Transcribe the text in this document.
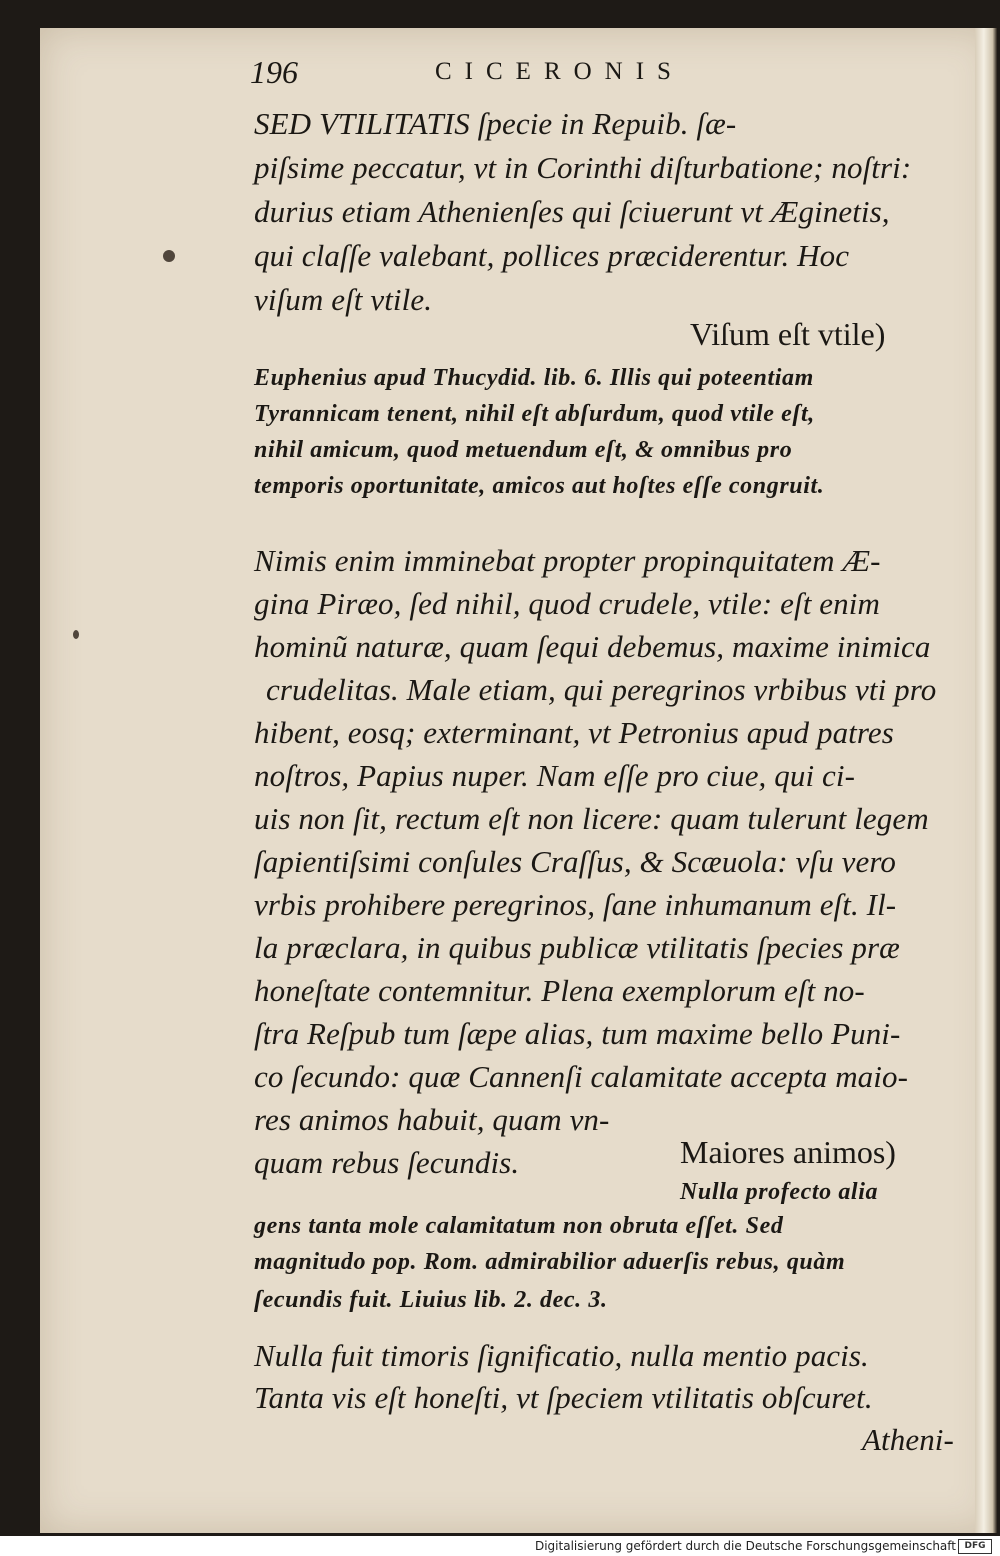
196	CICERONIS
SED VTILITATIS ſpecie in Repuib. ſæ-
piſsime peccatur, vt in Corinthi diſturbatione; noſtri:
durius etiam Athenienſes qui ſciuerunt vt Æginetis,
qui claſſe valebant, pollices præciderentur. Hoc
viſum eſt vtile.
Viſum eſt vtile)
Euphenius apud Thucydid. lib. 6. Illis qui poteentiam
Tyrannicam tenent, nihil eſt abſurdum, quod vtile eſt,
nihil amicum, quod metuendum eſt, & omnibus pro
temporis oportunitate, amicos aut hoſtes eſſe congruit.
Nimis enim imminebat propter propinquitatem Æ-
gina Piræo, ſed nihil, quod crudele, vtile: eſt enim
hominũ naturæ, quam ſequi debemus, maxime inimica
crudelitas. Male etiam, qui peregrinos vrbibus vti pro
hibent, eosq; exterminant, vt Petronius apud patres
noſtros, Papius nuper. Nam eſſe pro ciue, qui ci-
uis non ſit, rectum eſt non licere: quam tulerunt legem
ſapientiſsimi conſules Craſſus, & Scæuola: vſu vero
vrbis prohibere peregrinos, ſane inhumanum eſt. Il-
la præclara, in quibus publicæ vtilitatis ſpecies præ
honeſtate contemnitur. Plena exemplorum eſt no-
ſtra Reſpub tum ſæpe alias, tum maxime bello Puni-
co ſecundo: quæ Cannenſi calamitate accepta maio-
res animos habuit, quam vn-
quam rebus ſecundis.	Maiores animos)
Nulla profecto alia
gens tanta mole calamitatum non obruta eſſet. Sed
magnitudo pop. Rom. admirabilior aduerſis rebus, quàm
ſecundis fuit. Liuius lib. 2. dec. 3.
Nulla fuit timoris ſignificatio, nulla mentio pacis.
Tanta vis eſt honeſti, vt ſpeciem vtilitatis obſcuret.
Atheni-
Digitalisierung gefördert durch die Deutsche Forschungsgemeinschaft DFG
